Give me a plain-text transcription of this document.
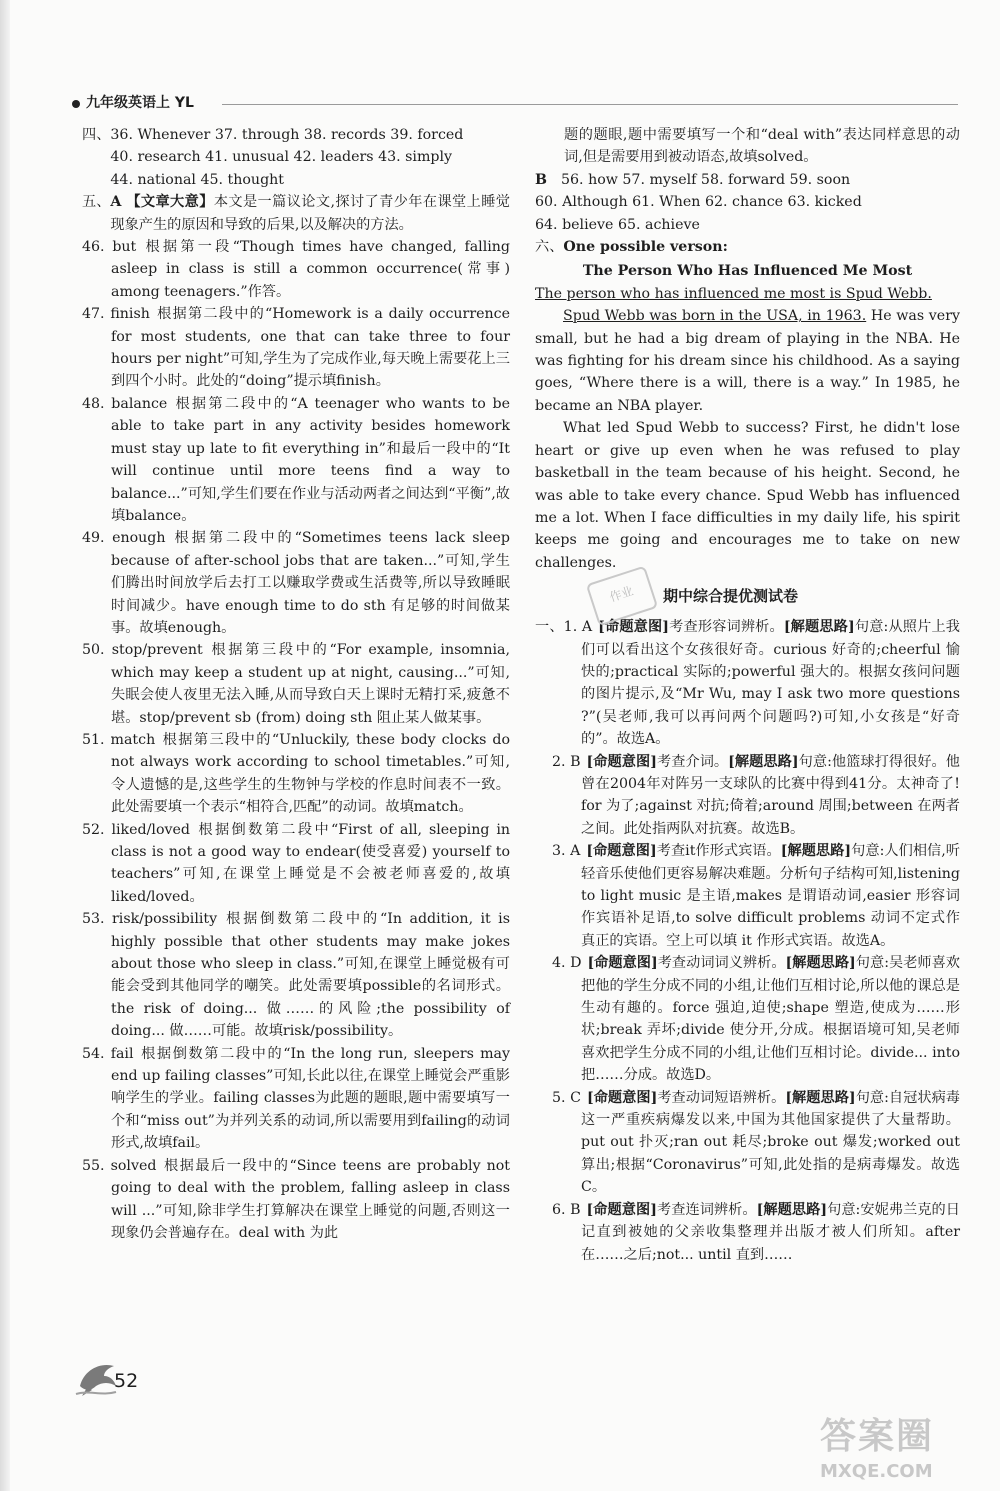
九年级英语上 YL
四、 36. Whenever 37. through 38. records 39. forced

40. research 41. unusual 42. leaders 43. simply

44. national 45. thought

五、 A 【文章大意】本文是一篇议论文,探讨了青少年在课堂上睡觉现象产生的原因和导致的后果,以及解决的方法。

46. but 根据第一段“Though times have changed, falling asleep in class is still a common occurrence(常事) among teenagers.”作答。

47. finish 根据第二段中的“Homework is a daily occurrence for most students, one that can take three to four hours per night”可知,学生为了完成作业,每天晚上需要花上三到四个小时。此处的“doing”提示填finish。

48. balance 根据第二段中的“A teenager who wants to be able to take part in any activity besides homework must stay up late to fit everything in”和最后一段中的“It will continue until more teens find a way to balance...”可知,学生们要在作业与活动两者之间达到“平衡”,故填balance。

49. enough 根据第二段中的“Sometimes teens lack sleep because of after-school jobs that are taken...”可知,学生们腾出时间放学后去打工以赚取学费或生活费等,所以导致睡眠时间减少。have enough time to do sth 有足够的时间做某事。故填enough。

50. stop/prevent 根据第三段中的“For example, insomnia, which may keep a student up at night, causing...”可知,失眠会使人夜里无法入睡,从而导致白天上课时无精打采,疲惫不堪。stop/prevent sb (from) doing sth 阻止某人做某事。

51. match 根据第三段中的“Unluckily, these body clocks do not always work according to school timetables.”可知,令人遗憾的是,这些学生的生物钟与学校的作息时间表不一致。此处需要填一个表示“相符合,匹配”的动词。故填match。

52. liked/loved 根据倒数第二段中“First of all, sleeping in class is not a good way to endear(使受喜爱) yourself to teachers”可知,在课堂上睡觉是不会被老师喜爱的,故填liked/loved。

53. risk/possibility 根据倒数第二段中的“In addition, it is highly possible that other students may make jokes about those who sleep in class.”可知,在课堂上睡觉极有可能会受到其他同学的嘲笑。此处需要填possible的名词形式。the risk of doing... 做……的风险;the possibility of doing... 做……可能。故填risk/possibility。

54. fail 根据倒数第二段中的“In the long run, sleepers may end up failing classes”可知,长此以往,在课堂上睡觉会严重影响学生的学业。failing classes为此题的题眼,题中需要填写一个和“miss out”为并列关系的动词,所以需要用到failing的动词形式,故填fail。

55. solved 根据最后一段中的“Since teens are probably not going to deal with the problem, falling asleep in class will ...”可知,除非学生打算解决在课堂上睡觉的问题,否则这一现象仍会普遍存在。deal with 为此

题的题眼,题中需要填写一个和“deal with”表达同样意思的动词,但是需要用到被动语态,故填solved。

B 56. how 57. myself 58. forward 59. soon

60. Although 61. When 62. chance 63. kicked

64. believe 65. achieve

六、 One possible verson:

The Person Who Has Influenced Me Most

The person who has influenced me most is Spud Webb.

Spud Webb was born in the USA, in 1963. He was very small, but he had a big dream of playing in the NBA. He was fighting for his dream since his childhood. As a saying goes, “Where there is a will, there is a way.” In 1985, he became an NBA player.

What led Spud Webb to success? First, he didn't lose heart or give up even when he was refused to play basketball in the team because of his height. Second, he was able to take every chance. Spud Webb has influenced me a lot. When I face difficulties in my daily life, his spirit keeps me going and encourages me to take on new challenges.

作业	期中综合提优测试卷

一、1. A [命题意图]考查形容词辨析。[解题思路]句意:从照片上我们可以看出这个女孩很好奇。curious 好奇的;cheerful 愉快的;practical 实际的;powerful 强大的。根据女孩问问题的图片提示,及“Mr Wu, may I ask two more questions ?”(吴老师,我可以再问两个问题吗?)可知,小女孩是“好奇的”。故选A。

2. B [命题意图]考查介词。[解题思路]句意:他篮球打得很好。他曾在2004年对阵另一支球队的比赛中得到41分。太神奇了! for 为了;against 对抗;倚着;around 周围;between 在两者之间。此处指两队对抗赛。故选B。

3. A [命题意图]考查it作形式宾语。[解题思路]句意:人们相信,听轻音乐使他们更容易解决难题。分析句子结构可知,listening to light music 是主语,makes 是谓语动词,easier 形容词作宾语补足语,to solve difficult problems 动词不定式作真正的宾语。空上可以填 it 作形式宾语。故选A。

4. D [命题意图]考查动词词义辨析。[解题思路]句意:吴老师喜欢把他的学生分成不同的小组,让他们互相讨论,所以他的课总是生动有趣的。force 强迫,迫使;shape 塑造,使成为……形状;break 弄坏;divide 使分开,分成。根据语境可知,吴老师喜欢把学生分成不同的小组,让他们互相讨论。divide... into 把……分成。故选D。

5. C [命题意图]考查动词短语辨析。[解题思路]句意:自冠状病毒这一严重疾病爆发以来,中国为其他国家提供了大量帮助。put out 扑灭;ran out 耗尽;broke out 爆发;worked out 算出;根据“Coronavirus”可知,此处指的是病毒爆发。故选C。

6. B [命题意图]考查连词辨析。[解题思路]句意:安妮弗兰克的日记直到被她的父亲收集整理并出版才被人们所知。after 在……之后;not... until 直到……

52
答案圈
MXQE.COM
